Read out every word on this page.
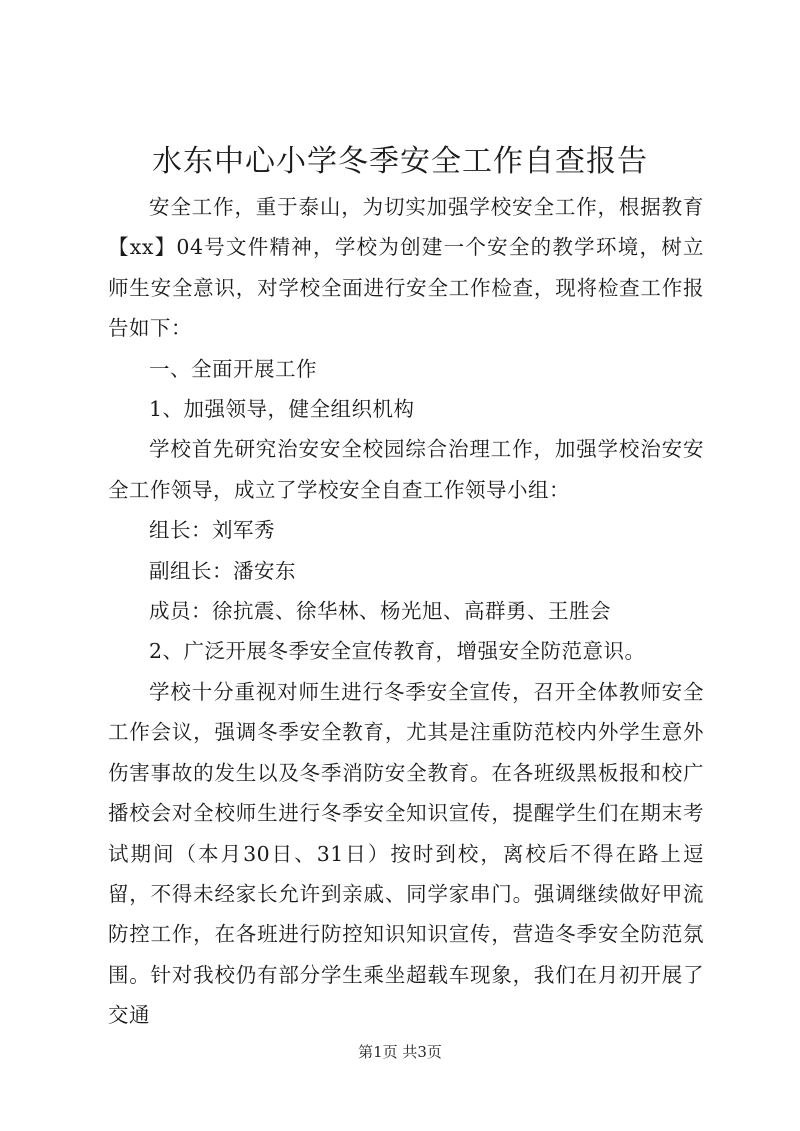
水东中心小学冬季安全工作自查报告

安全工作，重于泰山，为切实加强学校安全工作，根据教育【xx】04号文件精神，学校为创建一个安全的教学环境，树立师生安全意识，对学校全面进行安全工作检查，现将检查工作报告如下：

一、全面开展工作

1、加强领导，健全组织机构

学校首先研究治安安全校园综合治理工作，加强学校治安安全工作领导，成立了学校安全自查工作领导小组：

组长：刘军秀

副组长：潘安东

成员：徐抗震、徐华林、杨光旭、高群勇、王胜会

2、广泛开展冬季安全宣传教育，增强安全防范意识。

学校十分重视对师生进行冬季安全宣传，召开全体教师安全工作会议，强调冬季安全教育，尤其是注重防范校内外学生意外伤害事故的发生以及冬季消防安全教育。在各班级黑板报和校广播校会对全校师生进行冬季安全知识宣传，提醒学生们在期末考试期间（本月30日、31日）按时到校，离校后不得在路上逗留，不得未经家长允许到亲戚、同学家串门。强调继续做好甲流防控工作，在各班进行防控知识知识宣传，营造冬季安全防范氛围。针对我校仍有部分学生乘坐超载车现象，我们在月初开展了交通

第1页 共3页
